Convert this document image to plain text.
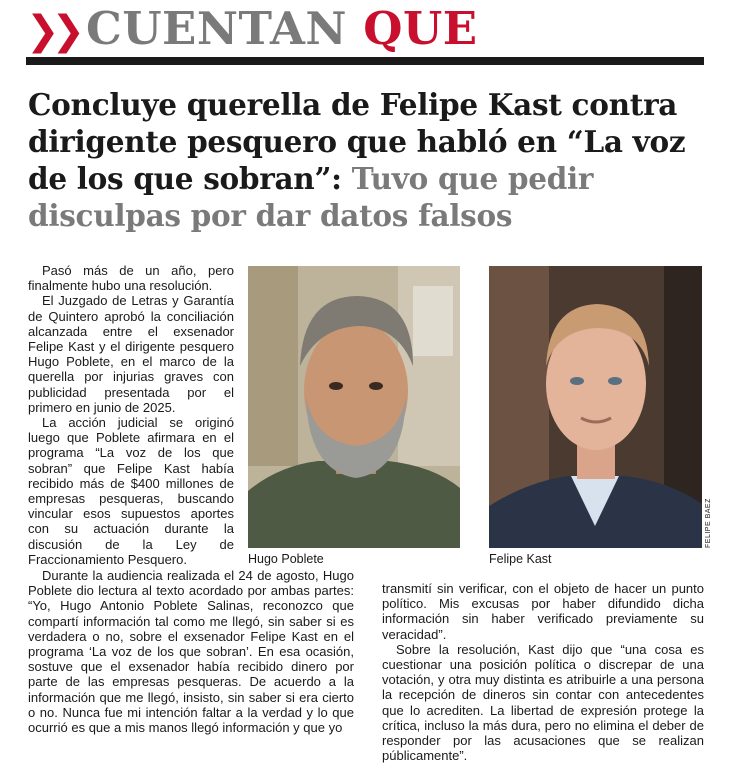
❯❯ CUENTAN QUE
Concluye querella de Felipe Kast contra dirigente pesquero que habló en “La voz de los que sobran”: Tuvo que pedir disculpas por dar datos falsos

Pasó más de un año, pero finalmente hubo una resolución.

El Juzgado de Letras y Garantía de Quintero aprobó la conciliación alcanzada entre el exsenador Felipe Kast y el dirigente pesquero Hugo Poblete, en el marco de la querella por injurias graves con publicidad presentada por el primero en junio de 2025.

La acción judicial se originó luego que Poblete afirmara en el programa “La voz de los que sobran” que Felipe Kast había recibido más de $400 millones de empresas pesqueras, buscando vincular esos supuestos aportes con su actuación durante la discusión de la Ley de Fraccionamiento Pesquero.	Hugo Poblete	Felipe Kast
FELIPE BAEZ

Durante la audiencia realizada el 24 de agosto, Hugo Poblete dio lectura al texto acordado por ambas partes: “Yo, Hugo Antonio Poblete Salinas, reconozco que compartí información tal como me llegó, sin saber si es verdadera o no, sobre el exsenador Felipe Kast en el programa ‘La voz de los que sobran’. En esa ocasión, sostuve que el exsenador había recibido dinero por parte de las empresas pesqueras. De acuerdo a la información que me llegó, insisto, sin saber si era cierto o no. Nunca fue mi intención faltar a la verdad y lo que ocurrió es que a mis manos llegó información y que yo

transmití sin verificar, con el objeto de hacer un punto político. Mis excusas por haber difundido dicha información sin haber verificado previamente su veracidad”.

Sobre la resolución, Kast dijo que “una cosa es cuestionar una posición política o discrepar de una votación, y otra muy distinta es atribuirle a una persona la recepción de dineros sin contar con antecedentes que lo acrediten. La libertad de expresión protege la crítica, incluso la más dura, pero no elimina el deber de responder por las acusaciones que se realizan públicamente”.
